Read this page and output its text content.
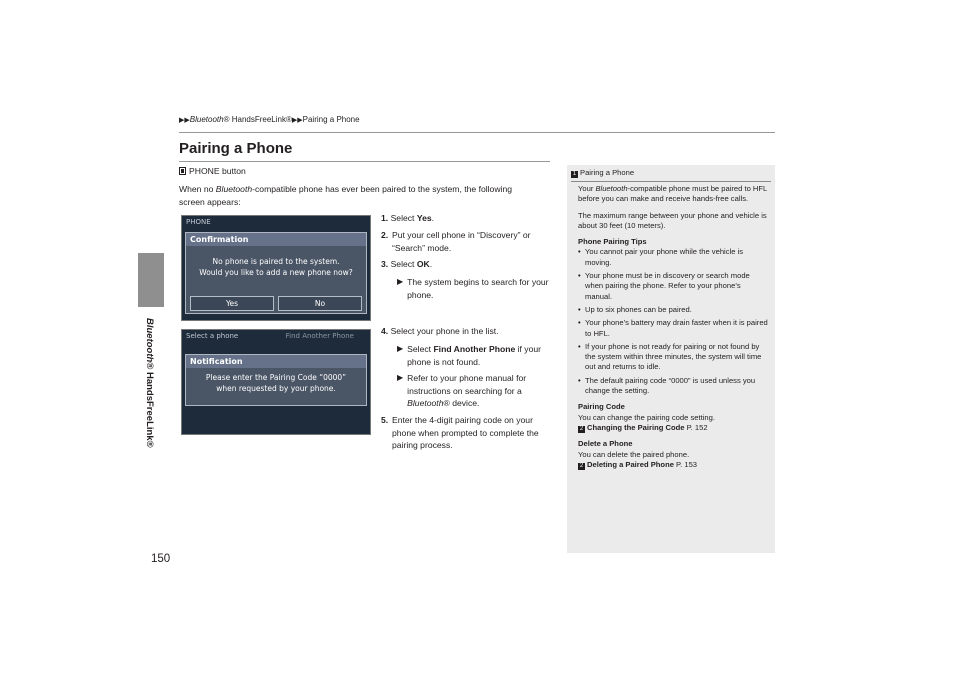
▶▶Bluetooth® HandsFreeLink®▶▶Pairing a Phone
Bluetooth® HandsFreeLink®
Pairing a Phone
PHONE button
When no Bluetooth-compatible phone has ever been paired to the system, the following screen appears:
PHONE
Confirmation
No phone is paired to the system.
Would you like to add a new phone now?
Yes	No
Select a phone	Find Another Phone
Notification
Please enter the Pairing Code “0000”
when requested by your phone.
1. Select Yes.
2. Put your cell phone in “Discovery” or “Search” mode.
3. Select OK.
▶ The system begins to search for your phone.
4. Select your phone in the list.
▶ Select Find Another Phone if your phone is not found.
▶ Refer to your phone manual for instructions on searching for a Bluetooth® device.
5. Enter the 4-digit pairing code on your phone when prompted to complete the pairing process.
1 Pairing a Phone

Your Bluetooth-compatible phone must be paired to HFL before you can make and receive hands-free calls.

The maximum range between your phone and vehicle is about 30 feet (10 meters).

Phone Pairing Tips
• You cannot pair your phone while the vehicle is moving.
• Your phone must be in discovery or search mode when pairing the phone. Refer to your phone’s manual.
• Up to six phones can be paired.
• Your phone’s battery may drain faster when it is paired to HFL.
• If your phone is not ready for pairing or not found by the system within three minutes, the system will time out and returns to idle.
• The default pairing code “0000” is used unless you change the setting.
Pairing Code
You can change the pairing code setting.
2 Changing the Pairing Code P. 152
Delete a Phone
You can delete the paired phone.
2 Deleting a Paired Phone P. 153
150
